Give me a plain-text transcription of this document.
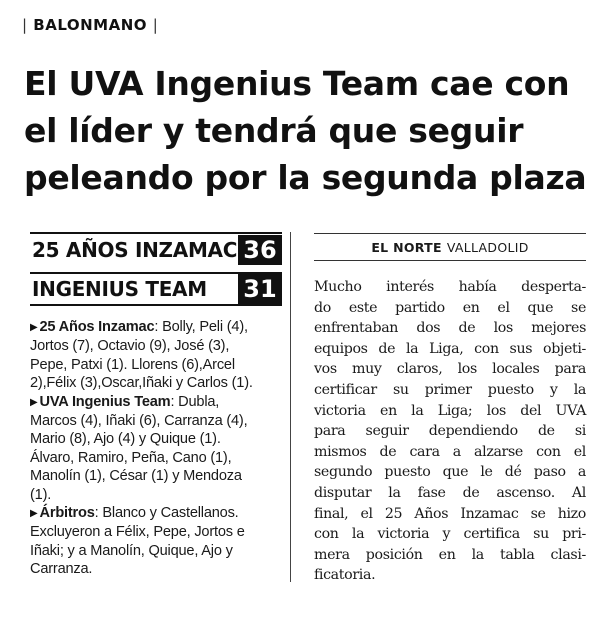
| BALONMANO |
El UVA Ingenius Team cae con
el líder y tendrá que seguir
peleando por la segunda plaza
25 AÑOS INZAMAC 36
INGENIUS TEAM 31

▶ 25 Años Inzamac: Bolly, Peli (4),

Jortos (7), Octavio (9), José (3),

Pepe, Patxi (1). Llorens (6),Arcel

2),Félix (3),Oscar,Iñaki y Carlos (1).

▶ UVA Ingenius Team: Dubla,

Marcos (4), Iñaki (6), Carranza (4),

Mario (8), Ajo (4) y Quique (1).

Álvaro, Ramiro, Peña, Cano (1),

Manolín (1), César (1) y Mendoza

(1).

▶ Árbitros: Blanco y Castellanos.

Excluyeron a Félix, Pepe, Jortos e

Iñaki; y a Manolín, Quique, Ajo y

Carranza.

EL NORTE VALLADOLID
Mucho interés había desperta-
do este partido en el que se
enfrentaban dos de los mejores
equipos de la Liga, con sus objeti-
vos muy claros, los locales para
certificar su primer puesto y la
victoria en la Liga; los del UVA
para seguir dependiendo de si
mismos de cara a alzarse con el
segundo puesto que le dé paso a
disputar la fase de ascenso. Al
final, el 25 Años Inzamac se hizo
con la victoria y certifica su pri-
mera posición en la tabla clasi-
ficatoria.
